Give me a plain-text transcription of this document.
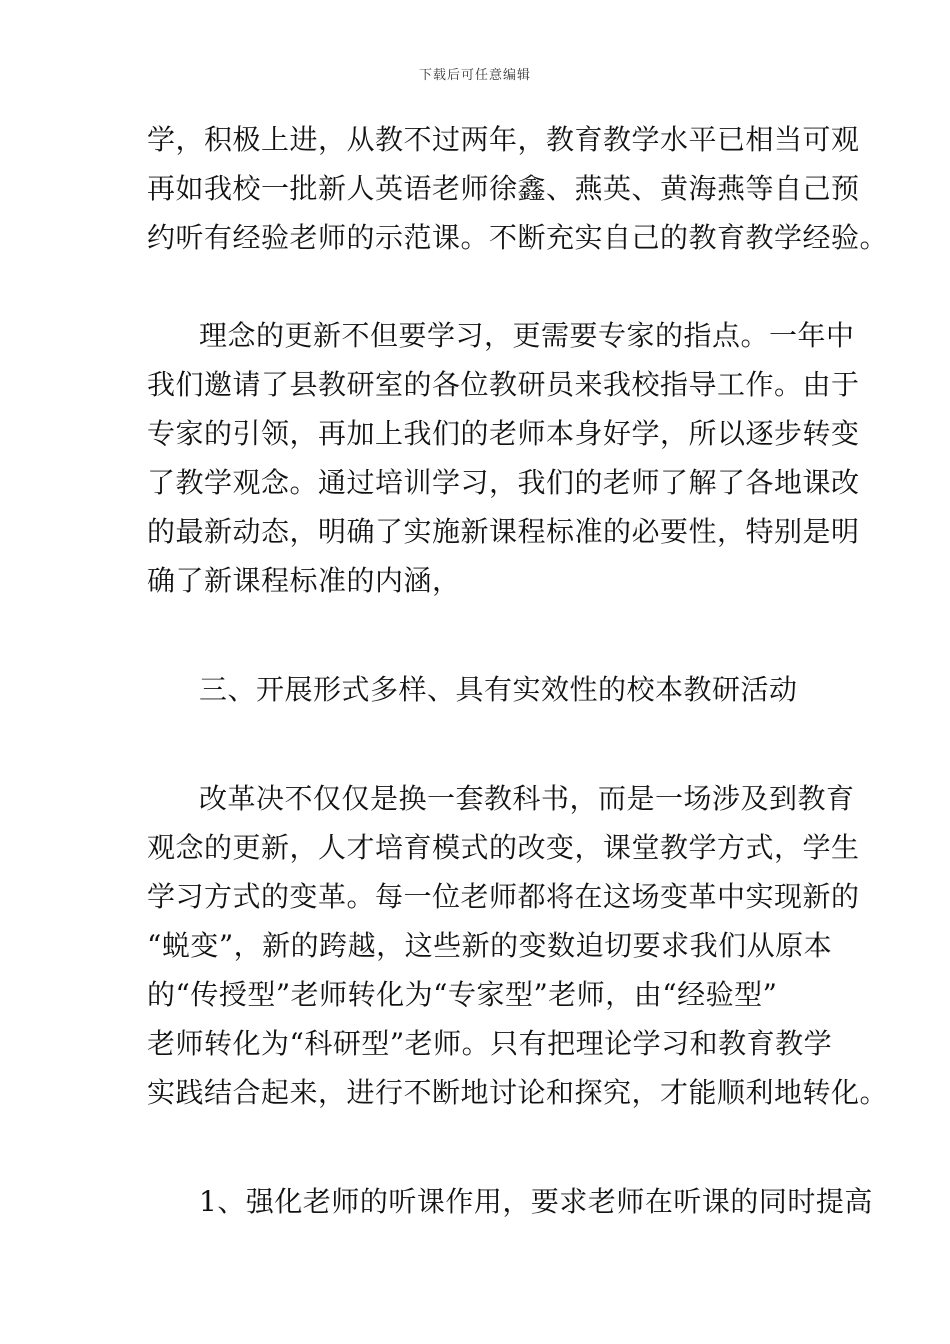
下载后可任意编辑
学，积极上进，从教不过两年，教育教学水平已相当可观
再如我校一批新人英语老师徐鑫、燕英、黄海燕等自己预
约听有经验老师的示范课。不断充实自己的教育教学经验。
理念的更新不但要学习，更需要专家的指点。一年中
我们邀请了县教研室的各位教研员来我校指导工作。由于
专家的引领，再加上我们的老师本身好学，所以逐步转变
了教学观念。通过培训学习，我们的老师了解了各地课改
的最新动态，明确了实施新课程标准的必要性，特别是明
确了新课程标准的内涵，
三、开展形式多样、具有实效性的校本教研活动
改革决不仅仅是换一套教科书，而是一场涉及到教育
观念的更新，人才培育模式的改变，课堂教学方式，学生
学习方式的变革。每一位老师都将在这场变革中实现新的
“蜕变”，新的跨越，这些新的变数迫切要求我们从原本
的“传授型”老师转化为“专家型”老师，由“经验型”
老师转化为“科研型”老师。只有把理论学习和教育教学
实践结合起来，进行不断地讨论和探究，才能顺利地转化。
1、强化老师的听课作用，要求老师在听课的同时提高
